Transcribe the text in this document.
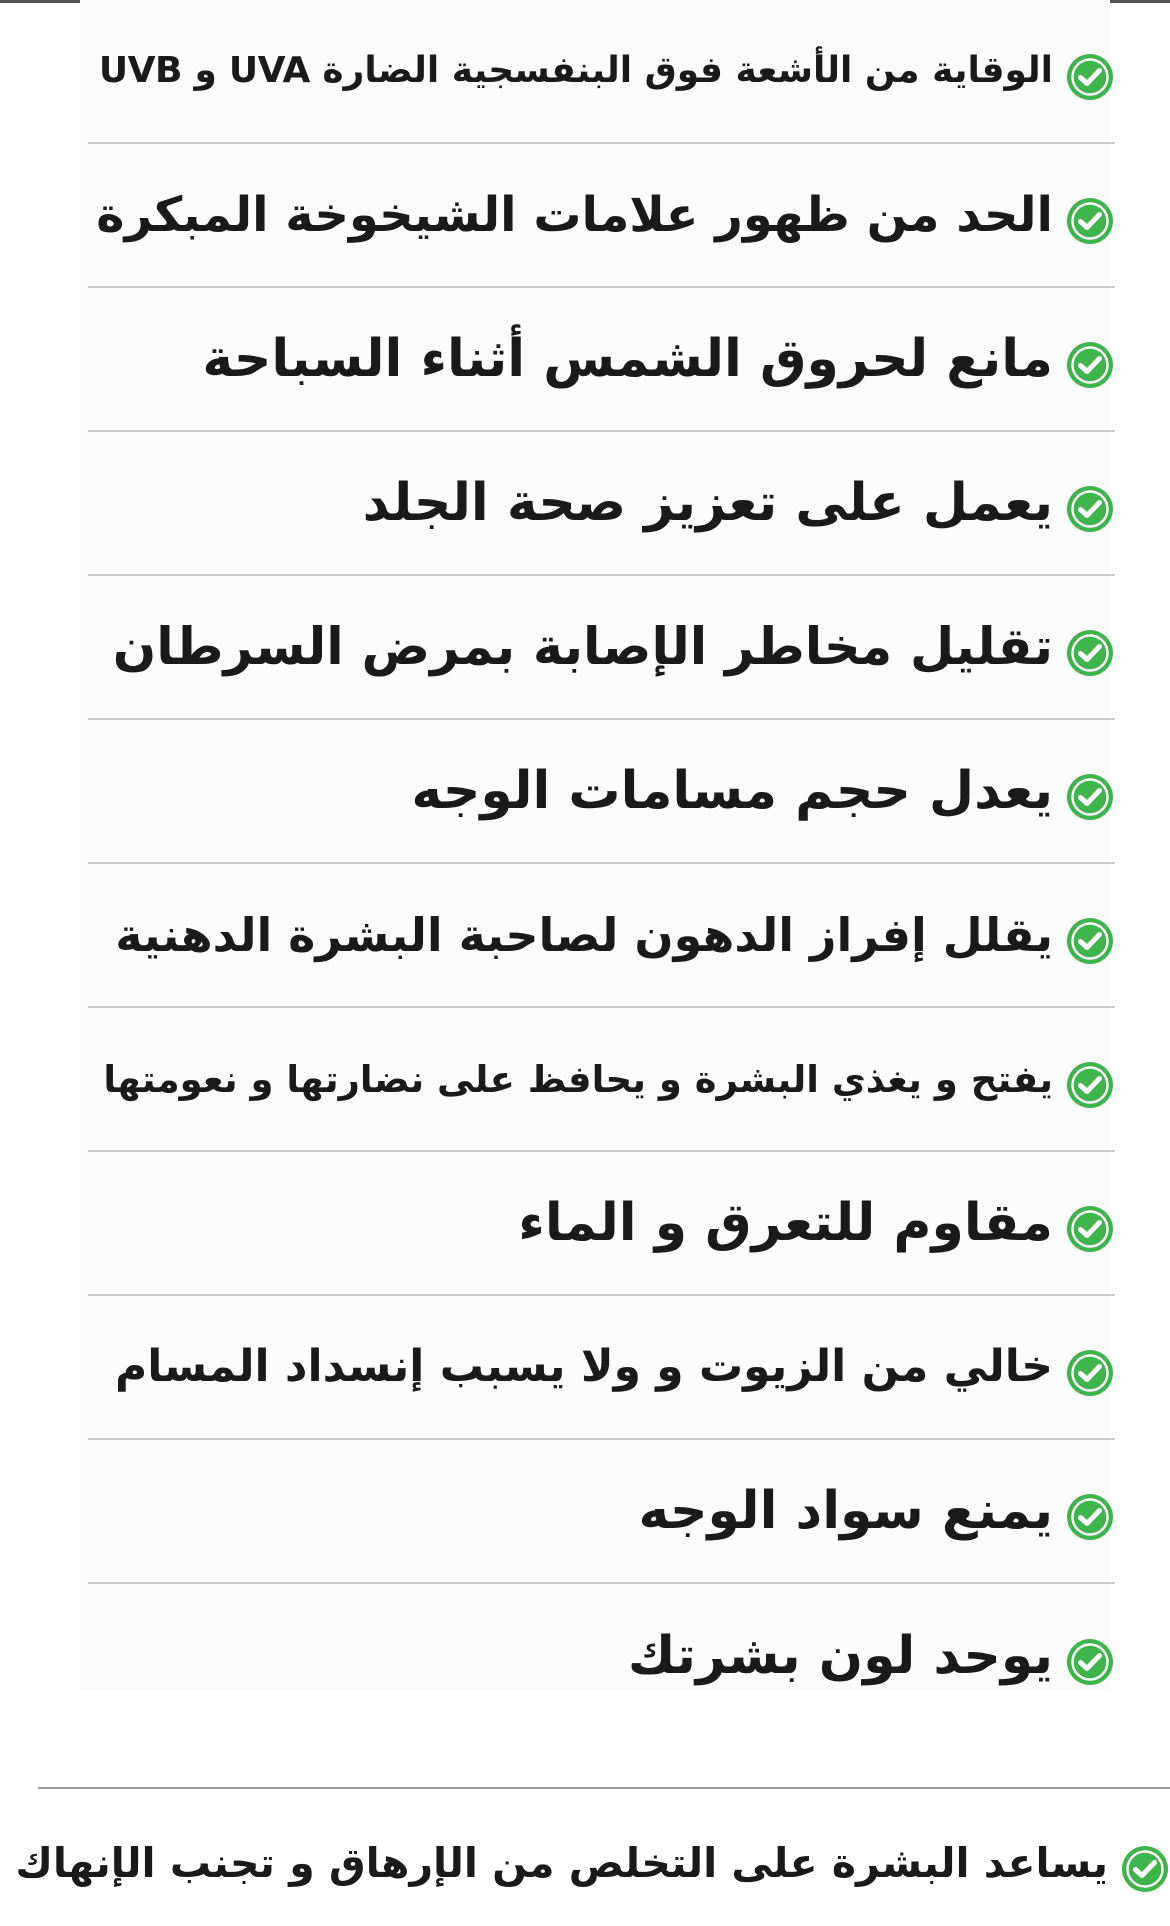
الوقاية من الأشعة فوق البنفسجية الضارة UVA و UVB
الحد من ظهور علامات الشيخوخة المبكرة
مانع لحروق الشمس أثناء السباحة
يعمل على تعزيز صحة الجلد
تقليل مخاطر الإصابة بمرض السرطان
يعدل حجم مسامات الوجه
يقلل إفراز الدهون لصاحبة البشرة الدهنية
يفتح و يغذي البشرة و يحافظ على نضارتها و نعومتها
مقاوم للتعرق و الماء
خالي من الزيوت و ولا يسبب إنسداد المسام
يمنع سواد الوجه
يوحد لون بشرتك
يساعد البشرة على التخلص من الإرهاق و تجنب الإنهاك
